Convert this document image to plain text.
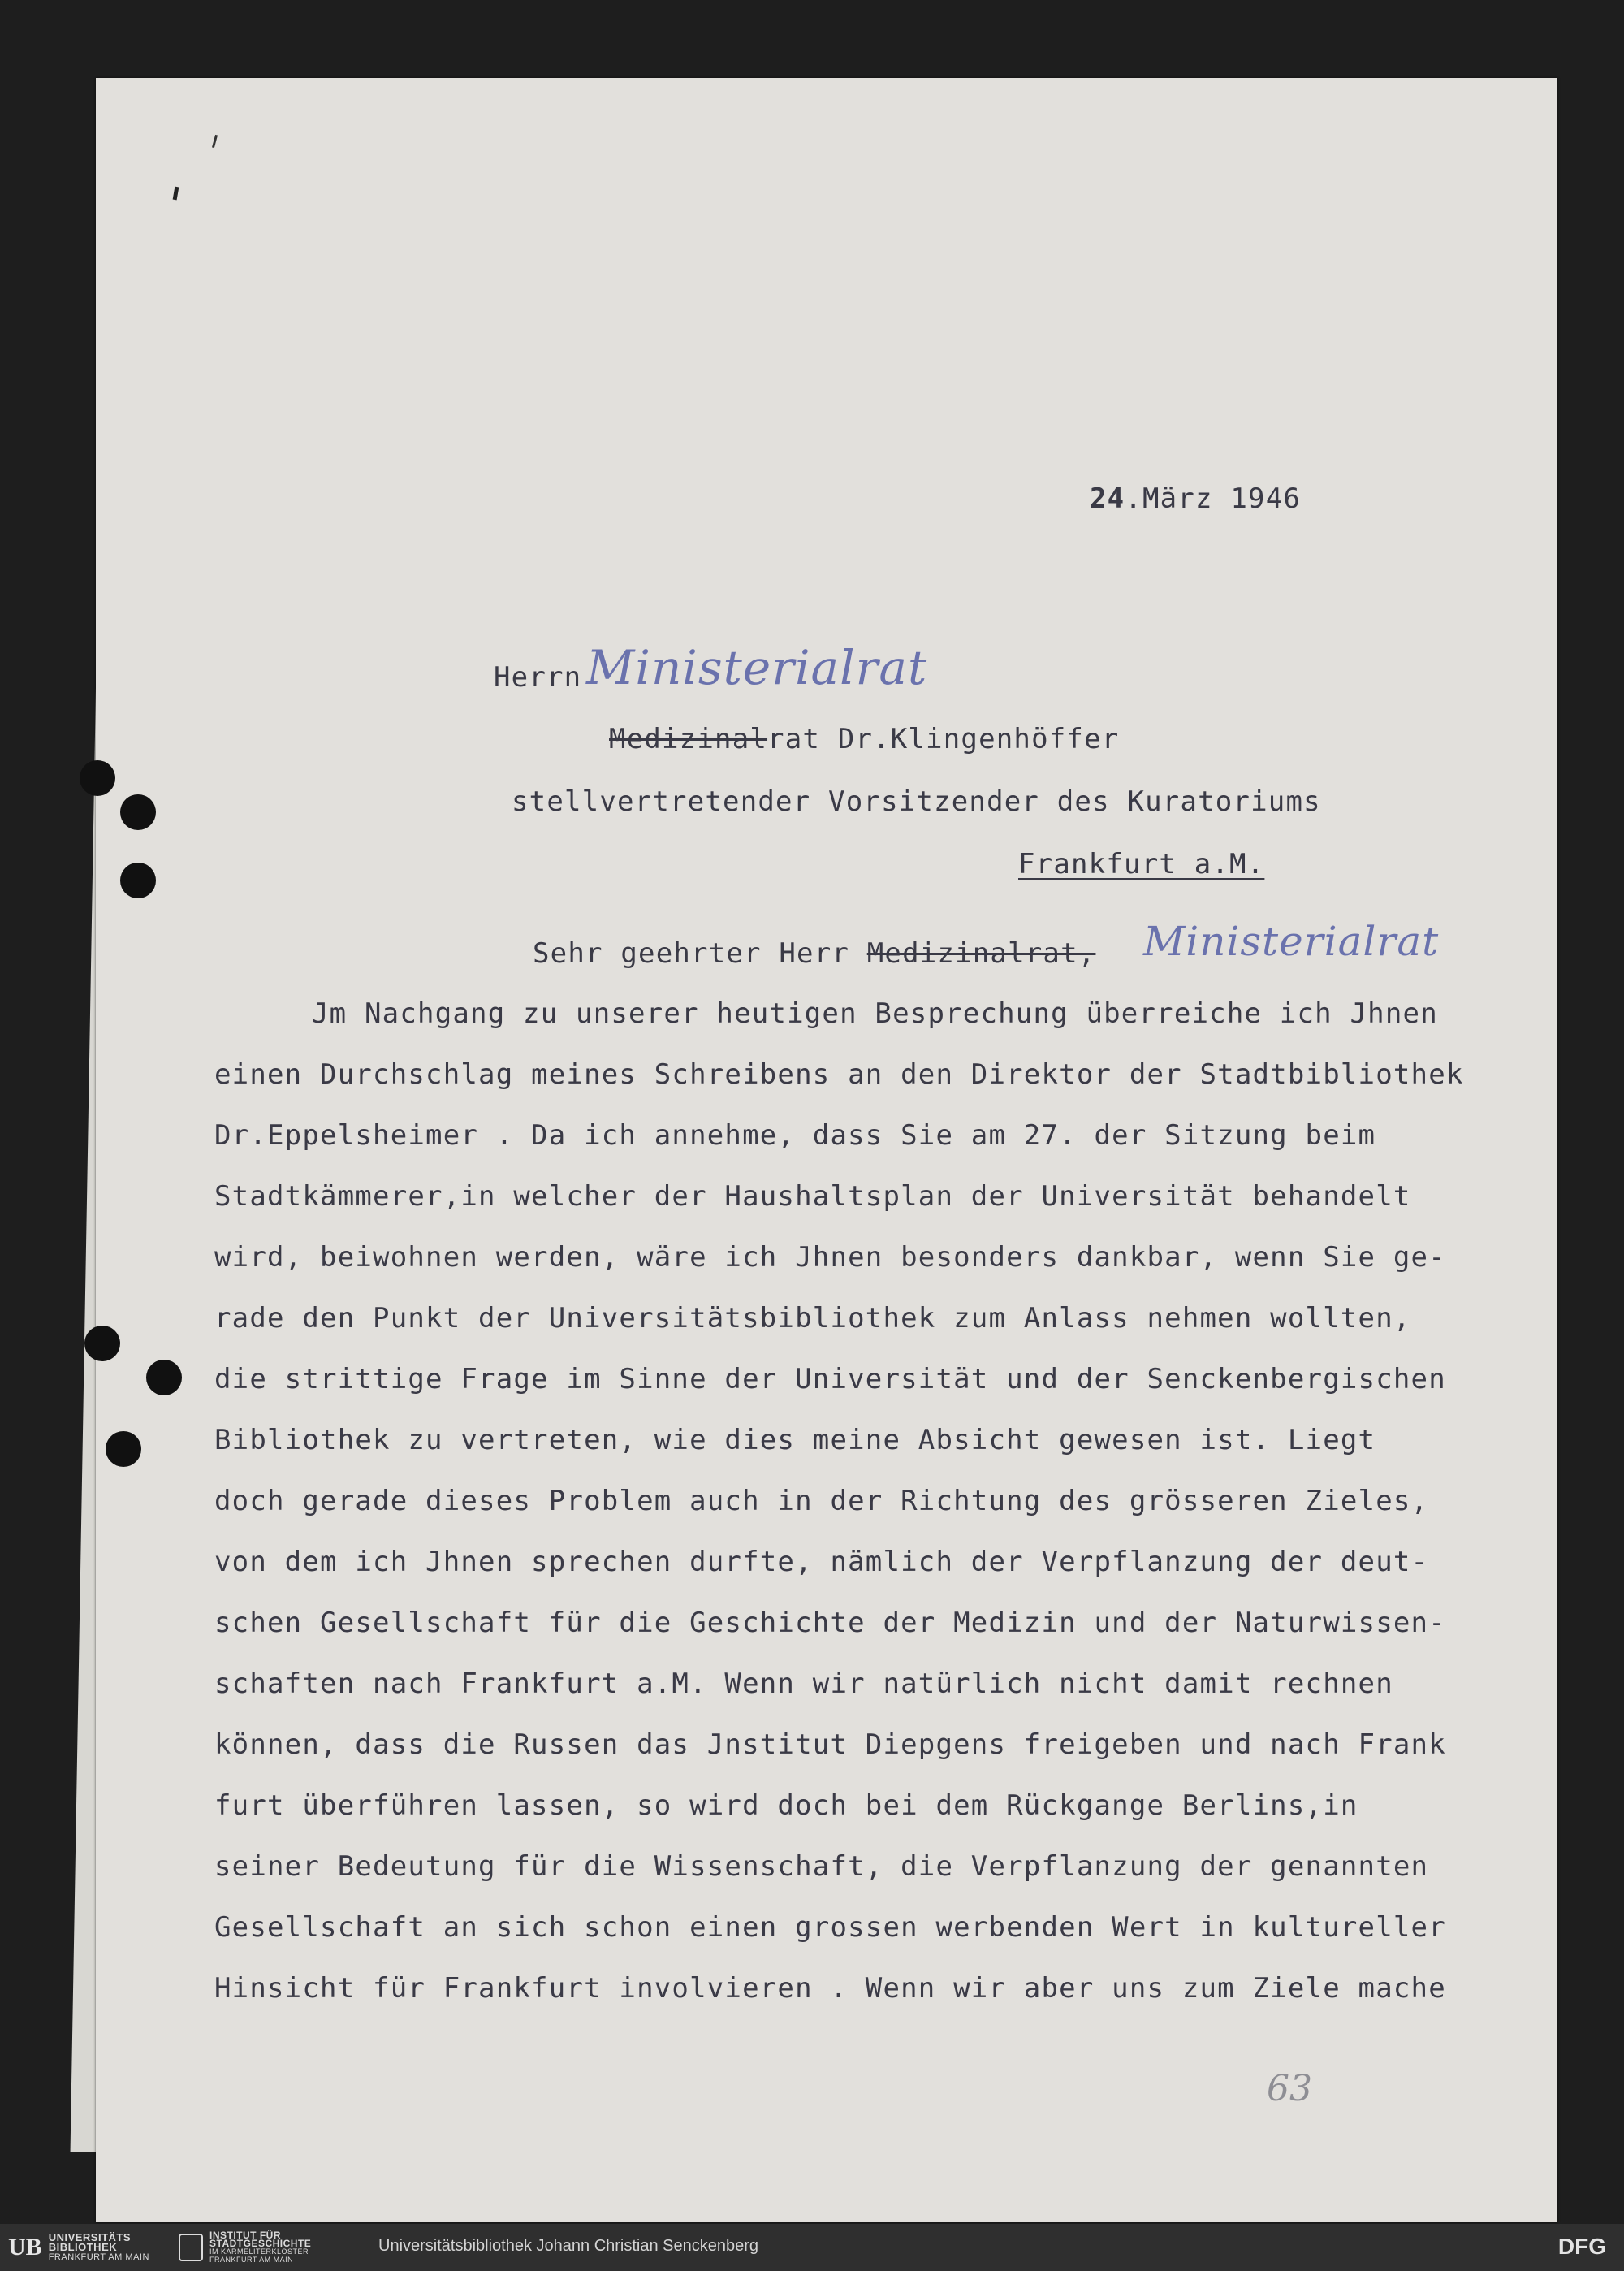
24.März 1946
Herrn Ministerialrat
Medizinalrat Dr.Klingenhöffer
stellvertretender Vorsitzender des Kuratoriums
Frankfurt a.M.
Sehr geehrter Herr Medizinalrat, Ministerialrat
Jm Nachgang zu unserer heutigen Besprechung überreiche ich Jhnen
einen Durchschlag meines Schreibens an den Direktor der Stadtbibliothek
Dr.Eppelsheimer . Da ich annehme, dass Sie am 27. der Sitzung beim
Stadtkämmerer,in welcher der Haushaltsplan der Universität behandelt
wird, beiwohnen werden, wäre ich Jhnen besonders dankbar, wenn Sie ge-
rade den Punkt der Universitätsbibliothek zum Anlass nehmen wollten,
die strittige Frage im Sinne der Universität und der Senckenbergischen
Bibliothek zu vertreten, wie dies meine Absicht gewesen ist. Liegt
doch gerade dieses Problem auch in der Richtung des grösseren Zieles,
von dem ich Jhnen sprechen durfte, nämlich der Verpflanzung der deut-
schen Gesellschaft für die Geschichte der Medizin und der Naturwissen-
schaften nach Frankfurt a.M. Wenn wir natürlich nicht damit rechnen
können, dass die Russen das Jnstitut Diepgens freigeben und nach Frank
furt überführen lassen, so wird doch bei dem Rückgange Berlins,in
seiner Bedeutung für die Wissenschaft, die Verpflanzung der genannten
Gesellschaft an sich schon einen grossen werbenden Wert in kultureller
Hinsicht für Frankfurt involvieren . Wenn wir aber uns zum Ziele mache
63
UB UNIVERSITÄTS
BIBLIOTHEK
FRANKFURT AM MAIN
INSTITUT FÜR
STADTGESCHICHTE
IM KARMELITERKLOSTER
FRANKFURT AM MAIN
Universitätsbibliothek Johann Christian Senckenberg	DFG
